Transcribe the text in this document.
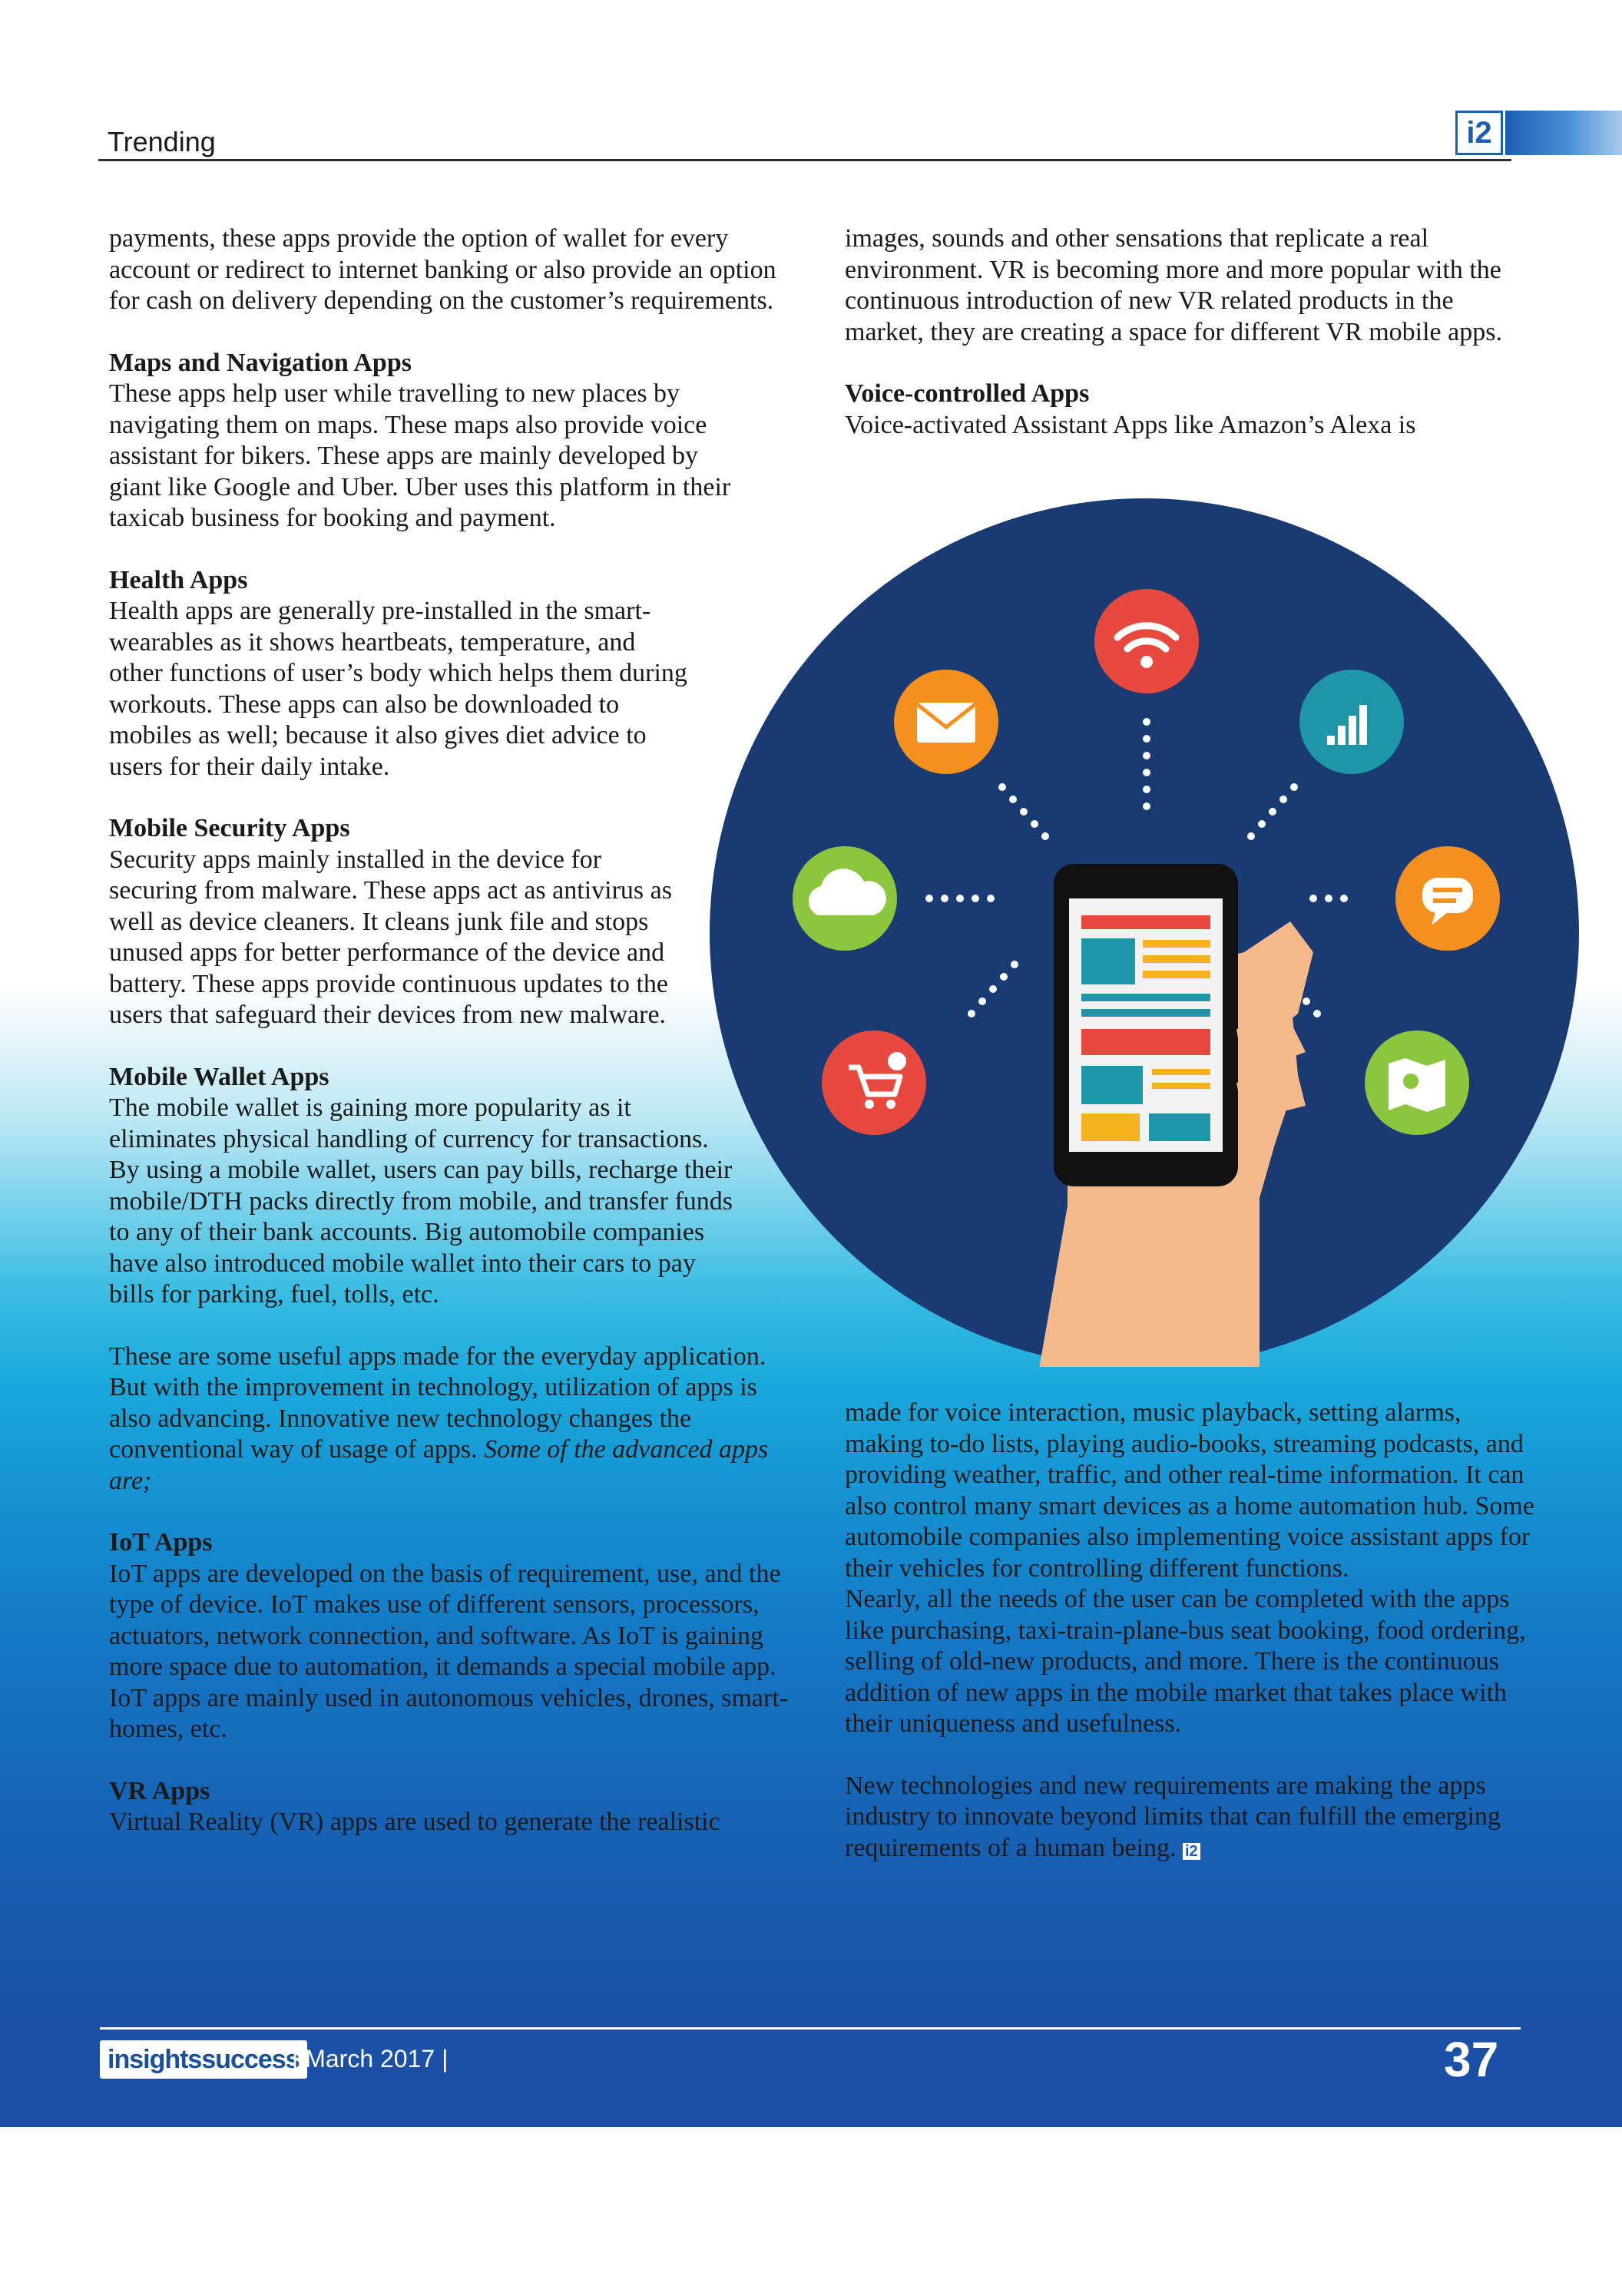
Trending	i2

payments, these apps provide the option of wallet for every account or redirect to internet banking or also provide an option for cash on delivery depending on the customer’s requirements.

Maps and Navigation Apps

These apps help user while travelling to new places by navigating them on maps. These maps also provide voice assistant for bikers. These apps are mainly developed by giant like Google and Uber. Uber uses this platform in their taxicab business for booking and payment.

Health Apps

Health apps are generally pre-installed in the smart-wearables as it shows heartbeats, temperature, and other functions of user’s body which helps them during workouts. These apps can also be downloaded to mobiles as well; because it also gives diet advice to users for their daily intake.

Mobile Security Apps

Security apps mainly installed in the device for securing from malware. These apps act as antivirus as well as device cleaners. It cleans junk file and stops unused apps for better performance of the device and battery. These apps provide continuous updates to the users that safeguard their devices from new malware.

Mobile Wallet Apps

The mobile wallet is gaining more popularity as it eliminates physical handling of currency for transactions. By using a mobile wallet, users can pay bills, recharge their mobile/DTH packs directly from mobile, and transfer funds to any of their bank accounts. Big automobile companies have also introduced mobile wallet into their cars to pay bills for parking, fuel, tolls, etc.

These are some useful apps made for the everyday application. But with the improvement in technology, utilization of apps is also advancing. Innovative new technology changes the conventional way of usage of apps. Some of the advanced apps are;

IoT Apps

IoT apps are developed on the basis of requirement, use, and the type of device. IoT makes use of different sensors, processors, actuators, network connection, and software. As IoT is gaining more space due to automation, it demands a special mobile app. IoT apps are mainly used in autonomous vehicles, drones, smart-homes, etc.

VR Apps

Virtual Reality (VR) apps are used to generate the realistic

images, sounds and other sensations that replicate a real environment. VR is becoming more and more popular with the continuous introduction of new VR related products in the market, they are creating a space for different VR mobile apps.

Voice-controlled Apps

Voice-activated Assistant Apps like Amazon’s Alexa is

made for voice interaction, music playback, setting alarms, making to-do lists, playing audio-books, streaming podcasts, and providing weather, traffic, and other real-time information. It can also control many smart devices as a home automation hub. Some automobile companies also implementing voice assistant apps for their vehicles for controlling different functions.

Nearly, all the needs of the user can be completed with the apps like purchasing, taxi-train-plane-bus seat booking, food ordering, selling of old-new products, and more. There is the continuous addition of new apps in the mobile market that takes place with their uniqueness and usefulness.

New technologies and new requirements are making the apps industry to innovate beyond limits that can fulfill the emerging requirements of a human being. i2

insights success
| March 2017 |	37
